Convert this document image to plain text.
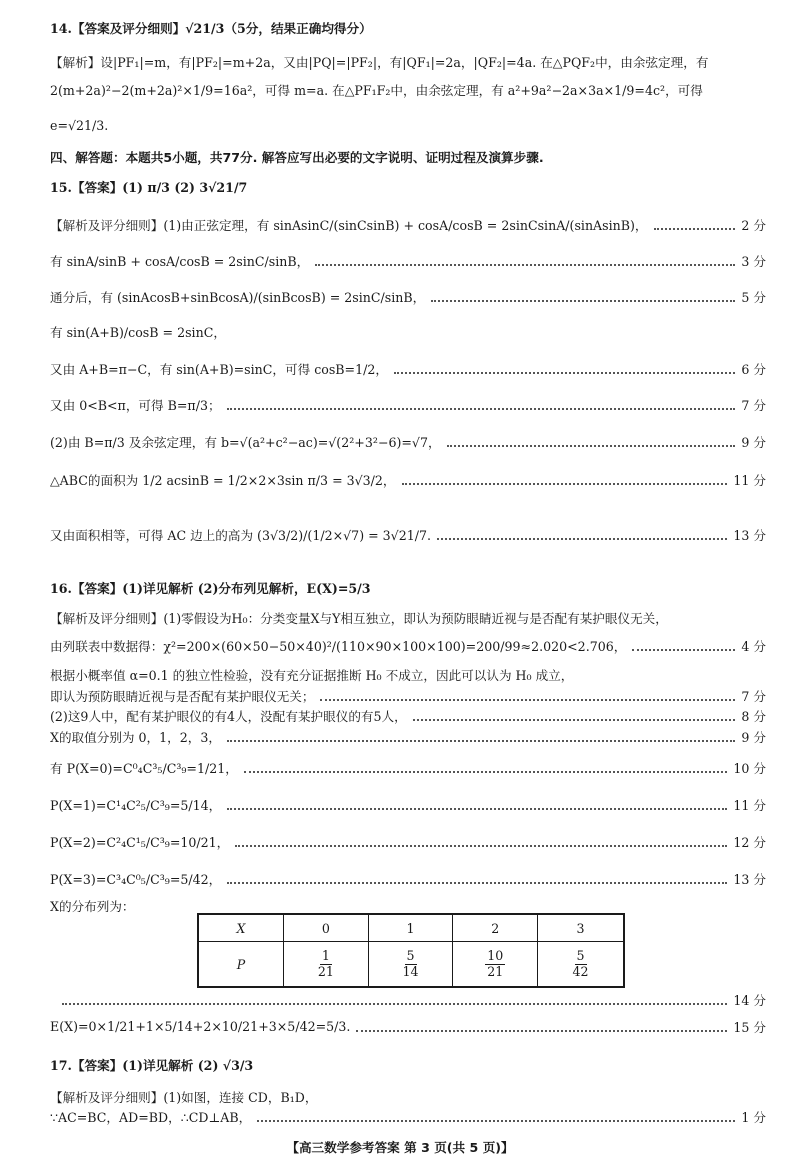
14.【答案及评分细则】√21/3（5分，结果正确均得分）
【解析】设|PF₁|=m，有|PF₂|=m+2a，又由|PQ|=|PF₂|，有|QF₁|=2a，|QF₂|=4a. 在△PQF₂中，由余弦定理，有
2(m+2a)²−2(m+2a)²×1/9=16a²，可得 m=a. 在△PF₁F₂中，由余弦定理，有 a²+9a²−2a×3a×1/9=4c²，可得
e=√21/3.
四、解答题：本题共5小题，共77分. 解答应写出必要的文字说明、证明过程及演算步骤.
15.【答案】(1) π/3 (2) 3√21/7
【解析及评分细则】(1)由正弦定理，有 sinAsinC/(sinCsinB) + cosA/cosB = 2sinCsinA/(sinAsinB)，	2 分
有 sinA/sinB + cosA/cosB = 2sinC/sinB，	3 分
通分后，有 (sinAcosB+sinBcosA)/(sinBcosB) = 2sinC/sinB，	5 分
有 sin(A+B)/cosB = 2sinC，
又由 A+B=π−C，有 sin(A+B)=sinC，可得 cosB=1/2，	6 分
又由 0<B<π，可得 B=π/3；	7 分
(2)由 B=π/3 及余弦定理，有 b=√(a²+c²−ac)=√(2²+3²−6)=√7，	9 分
△ABC的面积为 1/2 acsinB = 1/2×2×3sin π/3 = 3√3/2，	11 分
又由面积相等，可得 AC 边上的高为 (3√3/2)/(1/2×√7) = 3√21/7.	13 分
16.【答案】(1)详见解析 (2)分布列见解析，E(X)=5/3
【解析及评分细则】(1)零假设为H₀：分类变量X与Y相互独立，即认为预防眼睛近视与是否配有某护眼仪无关，
由列联表中数据得：χ²=200×(60×50−50×40)²/(110×90×100×100)=200/99≈2.020<2.706，	4 分
根据小概率值 α=0.1 的独立性检验，没有充分证据推断 H₀ 不成立，因此可以认为 H₀ 成立，
即认为预防眼睛近视与是否配有某护眼仪无关；	7 分
(2)这9人中，配有某护眼仪的有4人，没配有某护眼仪的有5人，	8 分
X的取值分别为 0，1，2，3，	9 分
有 P(X=0)=C⁰₄C³₅/C³₉=1/21，	10 分
P(X=1)=C¹₄C²₅/C³₉=5/14，	11 分
P(X=2)=C²₄C¹₅/C³₉=10/21，	12 分
P(X=3)=C³₄C⁰₅/C³₉=5/42，	13 分
X的分布列为：
X	0	1	2	3
P	$\frac{1}{21}$	$\frac{5}{14}$	$\frac{10}{21}$	$\frac{5}{42}$
14 分
E(X)=0×1/21+1×5/14+2×10/21+3×5/42=5/3.	15 分
17.【答案】(1)详见解析 (2) √3/3
【解析及评分细则】(1)如图，连接 CD，B₁D，
∵AC=BC，AD=BD，∴CD⊥AB，	1 分
【高三数学参考答案 第 3 页(共 5 页)】
